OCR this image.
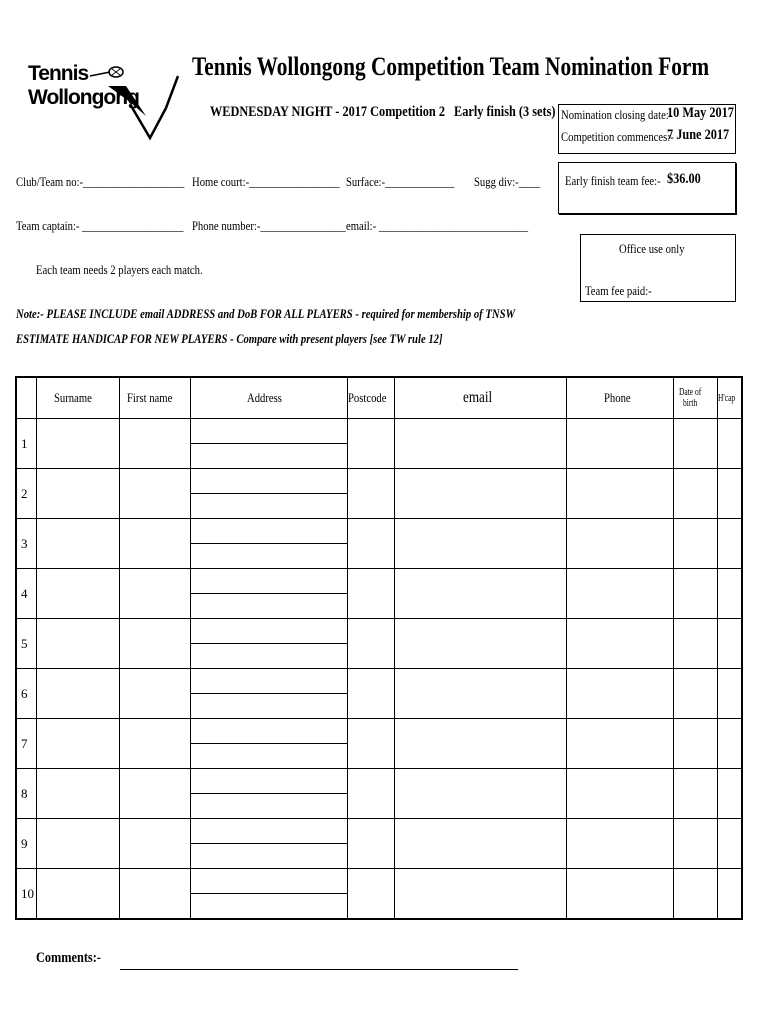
Tennis
Wollongong
Tennis Wollongong Competition Team Nomination Form
WEDNESDAY NIGHT - 2017 Competition 2 Early finish (3 sets) Nomination closing date:-
10 May 2017
Competition commences:-
7 June 2017
Club/Team no:-___________________ Home court:-_________________ Surface:-_____________	Sugg div:-____	Early finish team fee:- $36.00
Team captain:- ___________________ Phone number:-________________ email:- ____________________________
Office use only
Team fee paid:-
Each team needs 2 players each match.
Note:- PLEASE INCLUDE email ADDRESS and DoB FOR ALL PLAYERS - required for membership of TNSW
ESTIMATE HANDICAP FOR NEW PLAYERS - Compare with present players [see TW rule 12]
	Surname	First name	Address	Postcode	email	Phone	Date of birth	H'cap
1			

2			

3			

4			

5			

6			

7			

8			

9			

10			

Comments:-
